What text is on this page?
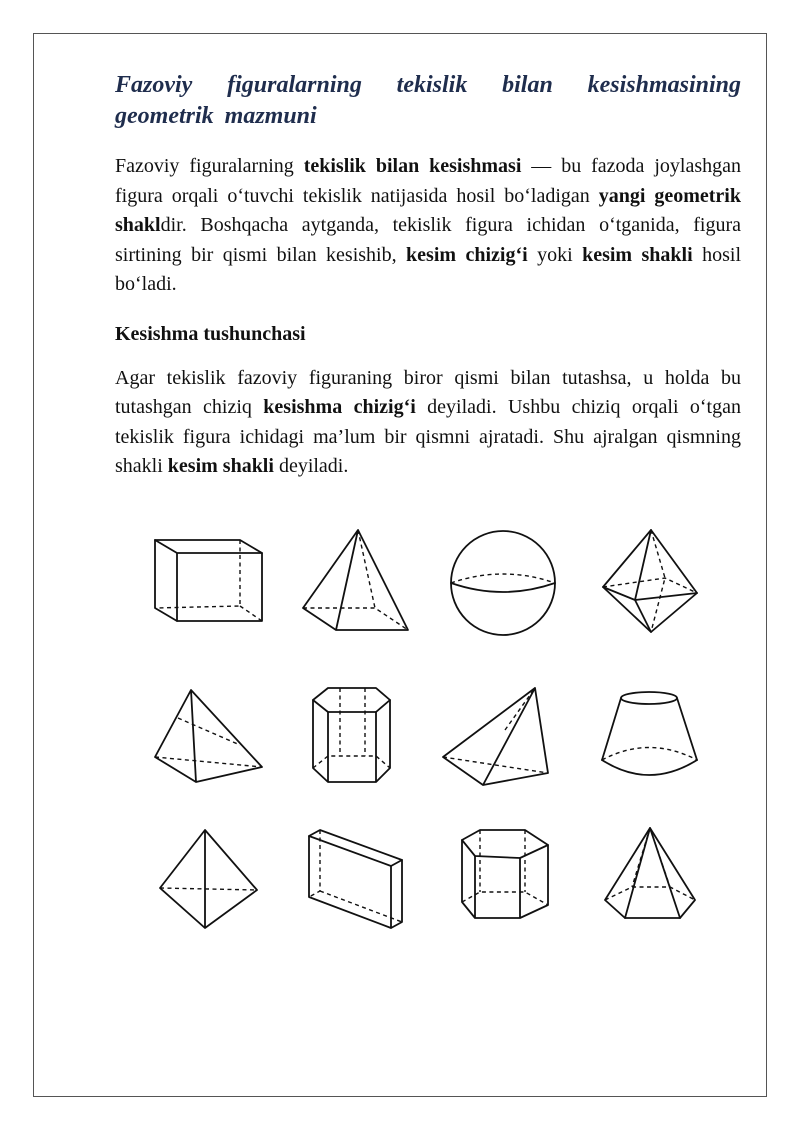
Fazoviy figuralarning tekislik bilan kesishmasining geometrik mazmuni

Fazoviy figuralarning tekislik bilan kesishmasi — bu fazoda joylashgan figura orqali o‘tuvchi tekislik natijasida hosil bo‘ladigan yangi geometrik shakldir. Boshqacha aytganda, tekislik figura ichidan o‘tganida, figura sirtining bir qismi bilan kesishib, kesim chizig‘i yoki kesim shakli hosil bo‘ladi.

Kesishma tushunchasi

Agar tekislik fazoviy figuraning biror qismi bilan tutashsa, u holda bu tutashgan chiziq kesishma chizig‘i deyiladi. Ushbu chiziq orqali o‘tgan tekislik figura ichidagi ma’lum bir qismni ajratadi. Shu ajralgan qismning shakli kesim shakli deyiladi.
